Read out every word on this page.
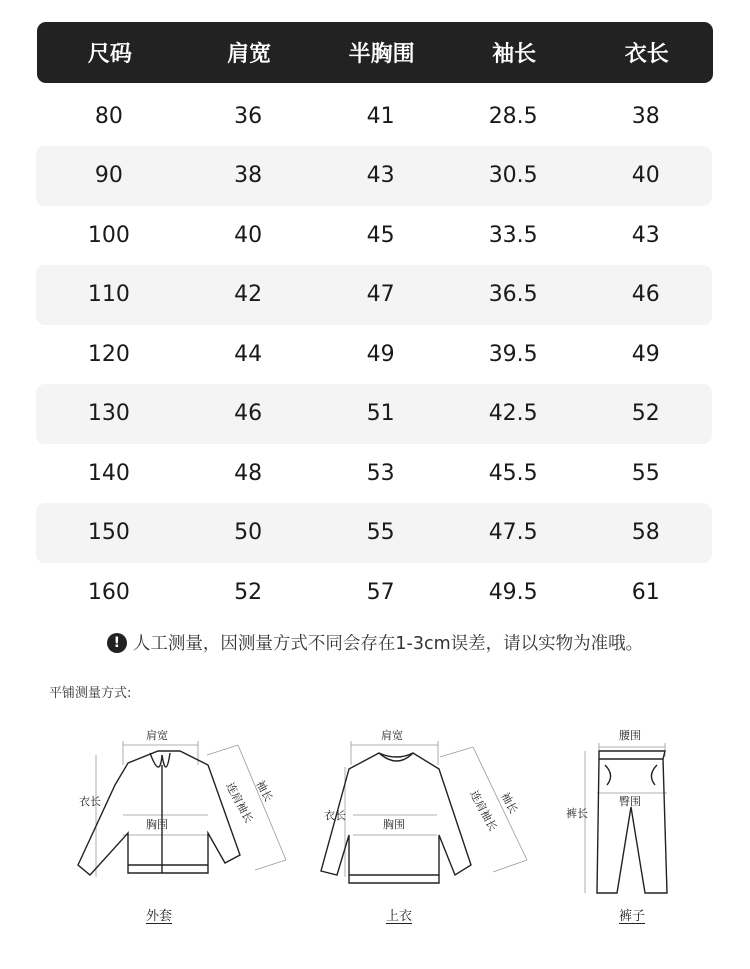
尺码	肩宽	半胸围	袖长	衣长
80	36	41	28.5	38
90	38	43	30.5	40
100	40	45	33.5	43
110	42	47	36.5	46
120	44	49	39.5	49
130	46	51	42.5	52
140	48	53	45.5	55
150	50	55	47.5	58
160	52	57	49.5	61
! 人工测量，因测量方式不同会存在1-3cm误差，请以实物为准哦。
平铺测量方式:
肩宽
衣长
胸围
袖长
连肩袖长
外套
肩宽
衣长
胸围
袖长
连肩袖长
上衣
腰围
裤长
臀围
裤子
